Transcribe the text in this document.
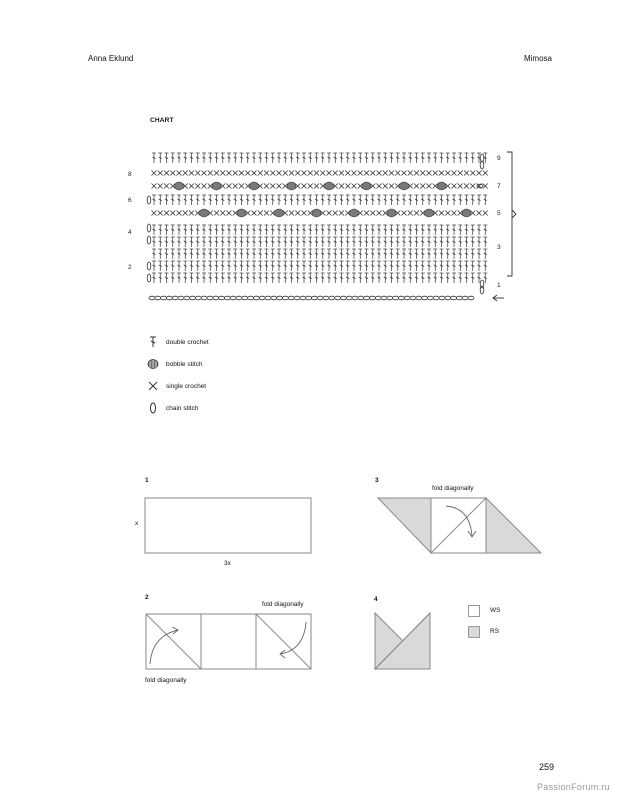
Anna Eklund	Mimosa
CHART
8
6
4
2
9
7
5
3
1
double crochet
bobble stitch
single crochet
chain stitch
1
x
3x
3
fold diagonally
2
fold diagonally
fold diagonally
4
WS
RS
259
PassionForum.ru
